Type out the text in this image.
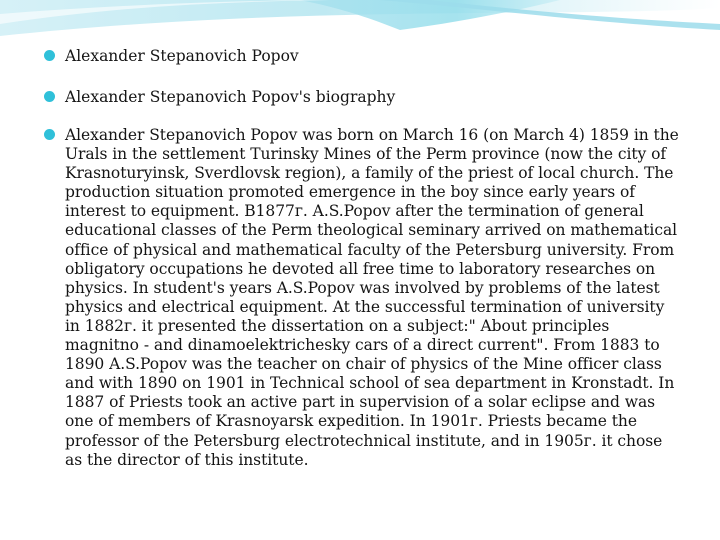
Alexander Stepanovich Popov
Alexander Stepanovich Popov's biography
Alexander Stepanovich Popov was born on March 16 (on March 4) 1859 in the Urals in the settlement Turinsky Mines of the Perm province (now the city of Krasnoturyinsk, Sverdlovsk region), a family of the priest of local church. The production situation promoted emergence in the boy since early years of interest to equipment. В1877г. A.S.Popov after the termination of general educational classes of the Perm theological seminary arrived on mathematical office of physical and mathematical faculty of the Petersburg university. From obligatory occupations he devoted all free time to laboratory researches on physics. In student's years A.S.Popov was involved by problems of the latest physics and electrical equipment. At the successful termination of university in 1882г. it presented the dissertation on a subject:" About principles magnitno - and dinamoelektrichesky cars of a direct current". From 1883 to 1890 A.S.Popov was the teacher on chair of physics of the Mine officer class and with 1890 on 1901 in Technical school of sea department in Kronstadt. In 1887 of Priests took an active part in supervision of a solar eclipse and was one of members of Krasnoyarsk expedition. In 1901г. Priests became the professor of the Petersburg electrotechnical institute, and in 1905г. it chose as the director of this institute.
